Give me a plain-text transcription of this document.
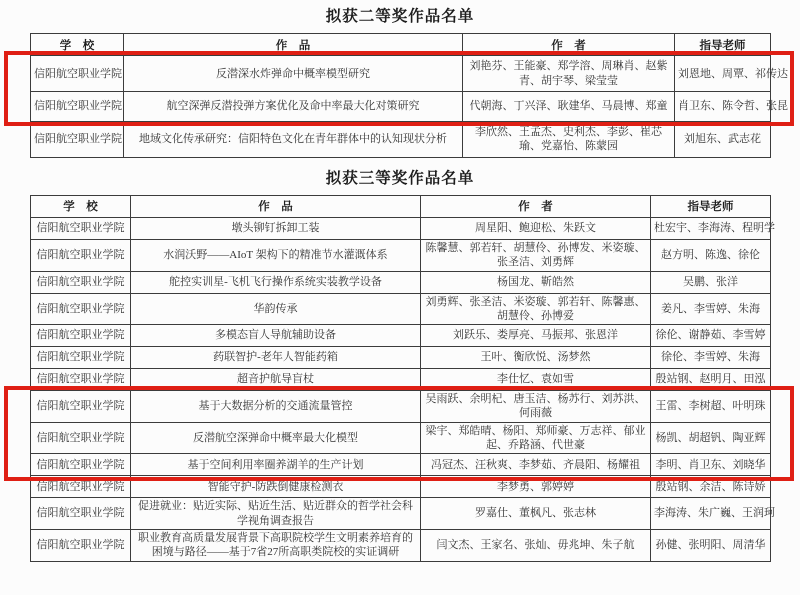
拟获二等奖作品名单
学　校	作　品	作　者	指导老师
信阳航空职业学院	反潜深水炸弹命中概率模型研究	刘艳芬、王能豪、郑学溶、周琳肖、赵紫青、胡宇琴、梁莹莹	刘恩地、周覃、祁传达
信阳航空职业学院	航空深弹反潜投弹方案优化及命中率最大化对策研究	代朝海、丁兴泽、耿建华、马晨博、郑童	肖卫东、陈令哲、张昆
信阳航空职业学院	地域文化传承研究：信阳特色文化在青年群体中的认知现状分析	李欣然、王孟杰、史利杰、李彭、崔芯瑜、党嘉怡、陈蒙园	刘旭东、武志花
拟获三等奖作品名单
学　校	作　品	作　者	指导老师
信阳航空职业学院	墩头铆钉拆卸工装	周星阳、鲍迎松、朱跃文	杜宏宇、李海涛、程明学
信阳航空职业学院	水润沃野——AIoT 架构下的精准节水灌溉体系	陈馨慧、郭若轩、胡慧伶、孙博发、米姿璇、张圣洁、刘勇辉	赵方明、陈逸、徐伦
信阳航空职业学院	舵控实训星-飞机飞行操作系统实装教学设备	杨国龙、靳皓然	吴鹏、张洋
信阳航空职业学院	华韵传承	刘勇辉、张圣洁、米姿璇、郭若轩、陈馨惠、胡慧伶、孙博爱	姜凡、李雪婷、朱海
信阳航空职业学院	多模态盲人导航辅助设备	刘跃乐、娄厚亮、马振邦、张恩洋	徐伦、谢静茹、李雪婷
信阳航空职业学院	药联智护-老年人智能药箱	王叶、衡欣悦、汤梦然	徐伦、李雪婷、朱海
信阳航空职业学院	超音护航导盲杖	李仕忆、袁如雪	殷站钢、赵明月、田泓
信阳航空职业学院	基于大数据分析的交通流量管控	吴雨跃、余明杞、唐玉洁、杨苏行、刘苏洪、何雨薇	王雷、李树超、叶明珠
信阳航空职业学院	反潜航空深弹命中概率最大化模型	梁宇、郑皓晴、杨阳、郑师豪、万志祥、郁业起、乔路涵、代世豪	杨凯、胡超钒、陶亚辉
信阳航空职业学院	基于空间利用率圈养湖羊的生产计划	冯冠杰、汪秋爽、李梦茹、齐晨阳、杨耀祖	李明、肖卫东、刘晓华
信阳航空职业学院	智能守护-防跌倒健康检测衣	李梦勇、郭婷婷	殷站钢、余洁、陈诗娇
信阳航空职业学院	促进就业：贴近实际、贴近生活、贴近群众的哲学社会科学视角调查报告	罗嘉仕、董枫凡、张志林	李海涛、朱广巍、王润珂
信阳航空职业学院	职业教育高质量发展背景下高职院校学生文明素养培育的困境与路径——基于7省27所高职类院校的实证调研	闫文杰、王家名、张灿、毋兆坤、朱子航	孙健、张明阳、周清华
